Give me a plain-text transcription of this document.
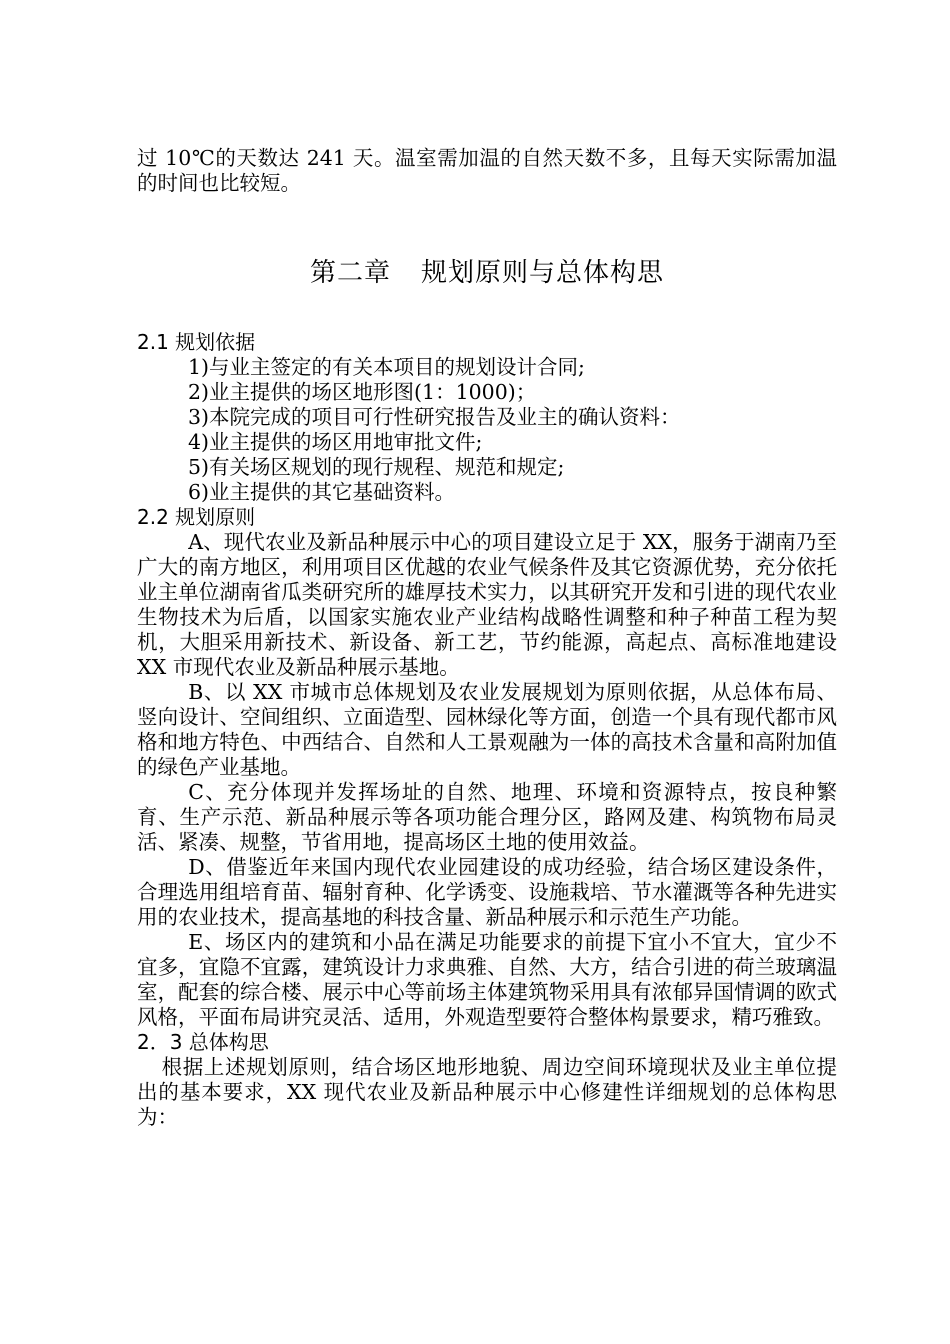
过 10℃的天数达 241 天。温室需加温的自然天数不多，且每天实际需加温的时间也比较短。

第二章 规划原则与总体构思
2.1 规划依据
1)与业主签定的有关本项目的规划设计合同;
2)业主提供的场区地形图(1：1000)；
3)本院完成的项目可行性研究报告及业主的确认资料：
4)业主提供的场区用地审批文件;
5)有关场区规划的现行规程、规范和规定;
6)业主提供的其它基础资料。
2.2 规划原则

A、现代农业及新品种展示中心的项目建设立足于 XX，服务于湖南乃至广大的南方地区，利用项目区优越的农业气候条件及其它资源优势，充分依托业主单位湖南省瓜类研究所的雄厚技术实力，以其研究开发和引进的现代农业生物技术为后盾，以国家实施农业产业结构战略性调整和种子种苗工程为契机，大胆采用新技术、新设备、新工艺，节约能源，高起点、高标准地建设 XX 市现代农业及新品种展示基地。

B、以 XX 市城市总体规划及农业发展规划为原则依据，从总体布局、竖向设计、空间组织、立面造型、园林绿化等方面，创造一个具有现代都市风格和地方特色、中西结合、自然和人工景观融为一体的高技术含量和高附加值的绿色产业基地。

C、充分体现并发挥场址的自然、地理、环境和资源特点，按良种繁育、生产示范、新品种展示等各项功能合理分区，路网及建、构筑物布局灵活、紧凑、规整，节省用地，提高场区土地的使用效益。

D、借鉴近年来国内现代农业园建设的成功经验，结合场区建设条件，合理选用组培育苗、辐射育种、化学诱变、设施栽培、节水灌溉等各种先进实用的农业技术，提高基地的科技含量、新品种展示和示范生产功能。

E、场区内的建筑和小品在满足功能要求的前提下宜小不宜大，宜少不宜多，宜隐不宜露，建筑设计力求典雅、自然、大方，结合引进的荷兰玻璃温室，配套的综合楼、展示中心等前场主体建筑物采用具有浓郁异国情调的欧式风格，平面布局讲究灵活、适用，外观造型要符合整体构景要求，精巧雅致。

2．3 总体构思

根据上述规划原则，结合场区地形地貌、周边空间环境现状及业主单位提出的基本要求，XX 现代农业及新品种展示中心修建性详细规划的总体构思为：
